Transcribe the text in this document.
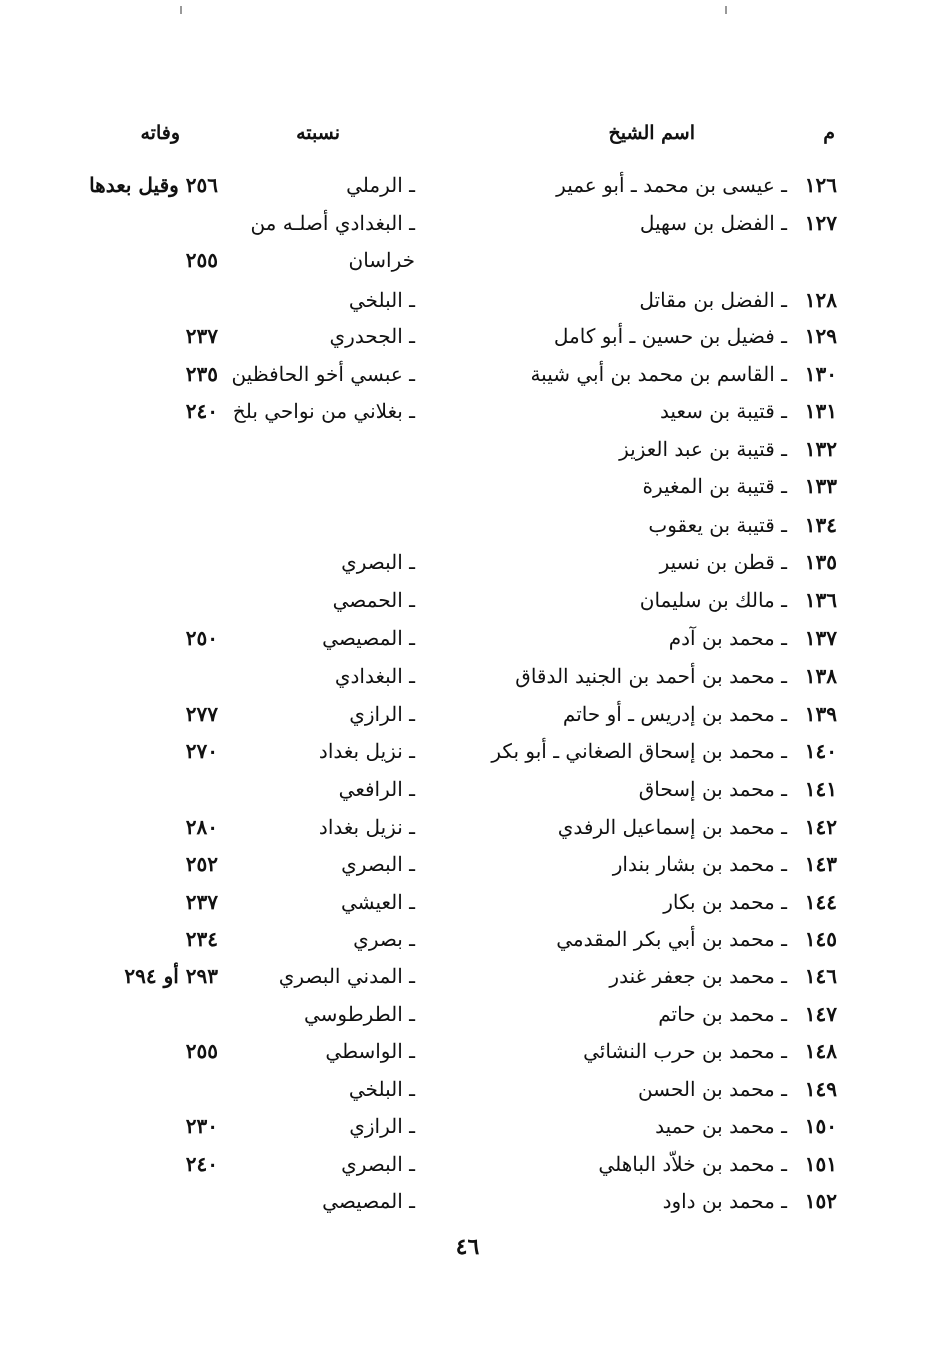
م
اسم الشيخ
نسبته
وفاته
١٢٦
ـ عيسى بن محمد ـ أبو عمير
ـ الرملي
٢٥٦ وقيل بعدها
١٢٧
ـ الفضل بن سهيل
ـ البغدادي أصلـه من
خراسان
٢٥٥
١٢٨
ـ الفضل بن مقاتل
ـ البلخي
١٢٩
ـ فضيل بن حسين ـ أبو كامل
ـ الجحدري
٢٣٧
١٣٠
ـ القاسم بن محمد بن أبي شيبة
ـ عبسي أخو الحافظين
٢٣٥
١٣١
ـ قتيبة بن سعيد
ـ بغلاني من نواحي بلخ
٢٤٠
١٣٢
ـ قتيبة بن عبد العزيز
١٣٣
ـ قتيبة بن المغيرة
١٣٤
ـ قتيبة بن يعقوب
١٣٥
ـ قطن بن نسير
ـ البصري
١٣٦
ـ مالك بن سليمان
ـ الحمصي
١٣٧
ـ محمد بن آدم
ـ المصيصي
٢٥٠
١٣٨
ـ محمد بن أحمد بن الجنيد الدقاق
ـ البغدادي
١٣٩
ـ محمد بن إدريس ـ أو حاتم
ـ الرازي
٢٧٧
١٤٠
ـ محمد بن إسحاق الصغاني ـ أبو بكر
ـ نزيل بغداد
٢٧٠
١٤١
ـ محمد بن إسحاق
ـ الرافعي
١٤٢
ـ محمد بن إسماعيل الرفدي
ـ نزيل بغداد
٢٨٠
١٤٣
ـ محمد بن بشار بندار
ـ البصري
٢٥٢
١٤٤
ـ محمد بن بكار
ـ العيشي
٢٣٧
١٤٥
ـ محمد بن أبي بكر المقدمي
ـ بصري
٢٣٤
١٤٦
ـ محمد بن جعفر غندر
ـ المدني البصري
٢٩٣ أو ٢٩٤
١٤٧
ـ محمد بن حاتم
ـ الطرطوسي
١٤٨
ـ محمد بن حرب النشائي
ـ الواسطي
٢٥٥
١٤٩
ـ محمد بن الحسن
ـ البلخي
١٥٠
ـ محمد بن حميد
ـ الرازي
٢٣٠
١٥١
ـ محمد بن خلاّد الباهلي
ـ البصري
٢٤٠
١٥٢
ـ محمد بن داود
ـ المصيصي
٤٦
